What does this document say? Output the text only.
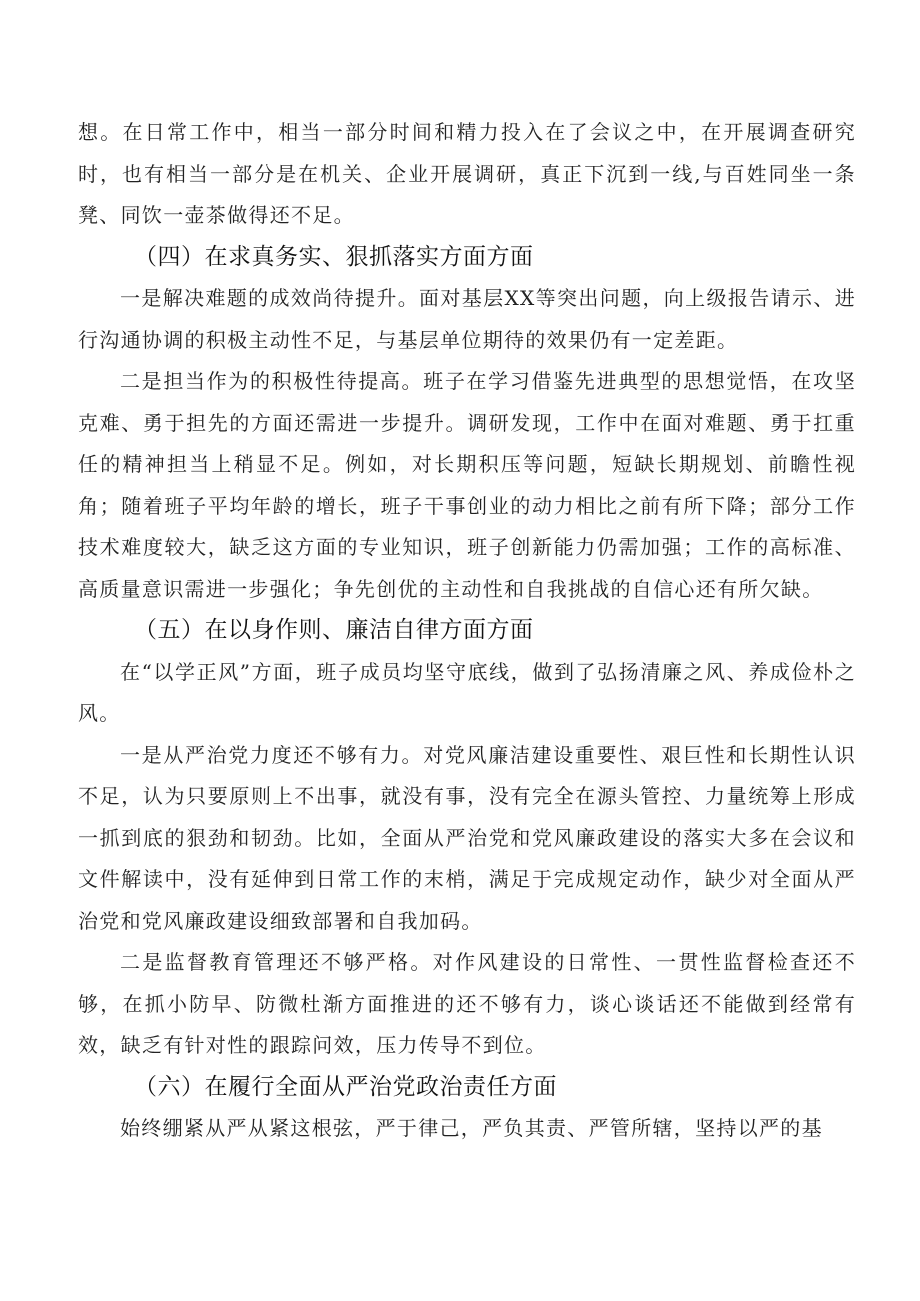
想。在日常工作中，相当一部分时间和精力投入在了会议之中，在开展调查研究时，也有相当一部分是在机关、企业开展调研，真正下沉到一线,与百姓同坐一条凳、同饮一壶茶做得还不足。

（四）在求真务实、狠抓落实方面方面

一是解决难题的成效尚待提升。面对基层XX等突出问题，向上级报告请示、进行沟通协调的积极主动性不足，与基层单位期待的效果仍有一定差距。

二是担当作为的积极性待提高。班子在学习借鉴先进典型的思想觉悟，在攻坚克难、勇于担先的方面还需进一步提升。调研发现，工作中在面对难题、勇于扛重任的精神担当上稍显不足。例如，对长期积压等问题，短缺长期规划、前瞻性视角；随着班子平均年龄的增长，班子干事创业的动力相比之前有所下降；部分工作技术难度较大，缺乏这方面的专业知识，班子创新能力仍需加强；工作的高标准、高质量意识需进一步强化；争先创优的主动性和自我挑战的自信心还有所欠缺。

（五）在以身作则、廉洁自律方面方面

在“以学正风”方面，班子成员均坚守底线，做到了弘扬清廉之风、养成俭朴之风。

一是从严治党力度还不够有力。对党风廉洁建设重要性、艰巨性和长期性认识不足，认为只要原则上不出事，就没有事，没有完全在源头管控、力量统筹上形成一抓到底的狠劲和韧劲。比如，全面从严治党和党风廉政建设的落实大多在会议和文件解读中，没有延伸到日常工作的末梢，满足于完成规定动作，缺少对全面从严治党和党风廉政建设细致部署和自我加码。

二是监督教育管理还不够严格。对作风建设的日常性、一贯性监督检查还不够，在抓小防早、防微杜渐方面推进的还不够有力，谈心谈话还不能做到经常有效，缺乏有针对性的跟踪问效，压力传导不到位。

（六）在履行全面从严治党政治责任方面

始终绷紧从严从紧这根弦，严于律己，严负其责、严管所辖，坚持以严的基
